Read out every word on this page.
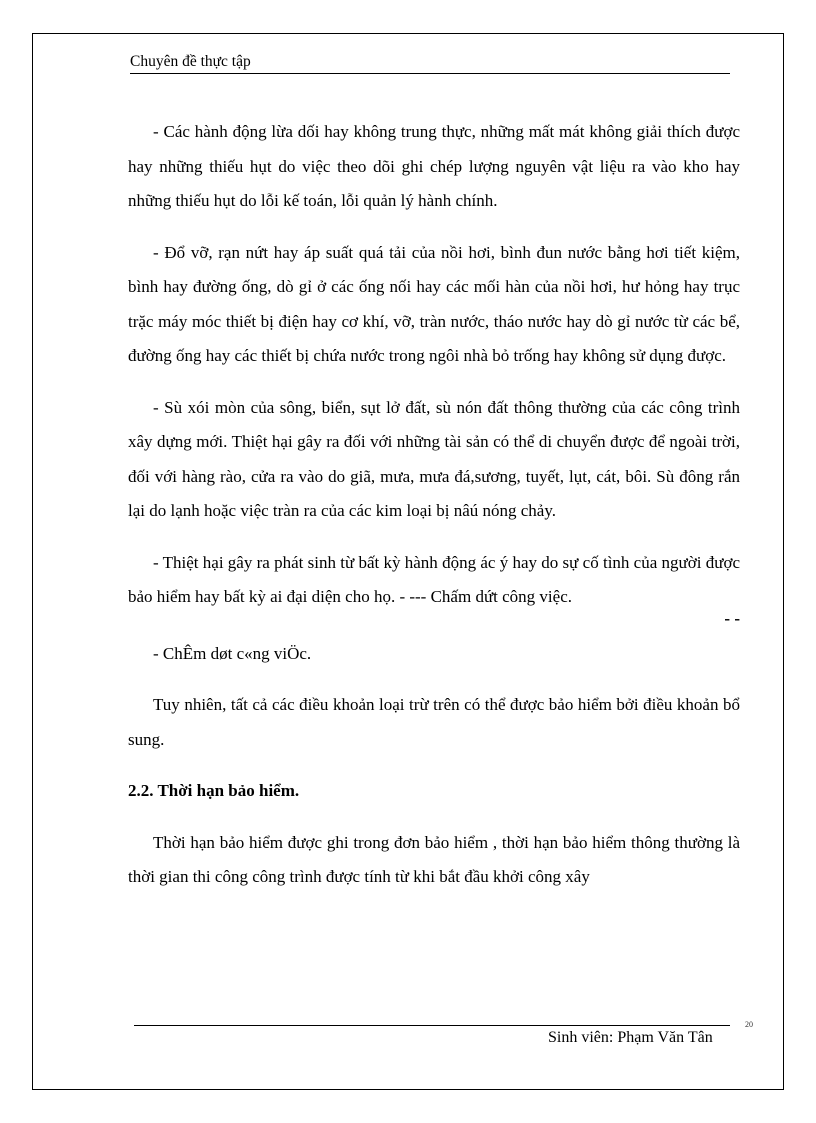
Chuyên đề thực tập

- Các hành động lừa dối hay không trung thực, những mất mát không giải thích được hay những thiếu hụt do việc theo dõi ghi chép lượng nguyên vật liệu ra vào kho hay những thiếu hụt do lỗi kế toán, lỗi quản lý hành chính.

- Đổ vỡ, rạn nứt hay áp suất quá tải của nồi hơi, bình đun nước bằng hơi tiết kiệm, bình hay đường ống, dò gỉ ở các ống nối hay các mối hàn của nồi hơi, hư hỏng hay trục trặc máy móc thiết bị điện hay cơ khí, vỡ, tràn nước, tháo nước hay dò gỉ nước từ các bể, đường ống hay các thiết bị chứa nước trong ngôi nhà bỏ trống hay không sử dụng được.

- Sù xói mòn của sông, biển, sụt lở đất, sù nón đất thông thường của các công trình xây dựng mới. Thiệt hại gây ra đối với những tài sản có thể di chuyển được để ngoài trời, đối với hàng rào, cửa ra vào do giã, mưa, mưa đá,sương, tuyết, lụt, cát, bôi. Sù đông rắn lại do lạnh hoặc việc tràn ra của các kim loại bị nâú nóng chảy.

- Thiệt hại gây ra phát sinh từ bất kỳ hành động ác ý hay do sự cố tình của người được bảo hiểm hay bất kỳ ai đại diện cho họ. - --- Chấm dứt công việc.

- -

- ChÊm døt c«ng viÖc.

Tuy nhiên, tất cả các điều khoản loại trừ trên có thể được bảo hiểm bởi điều khoản bổ sung.

2.2. Thời hạn bảo hiểm.

Thời hạn bảo hiểm được ghi trong đơn bảo hiểm , thời hạn bảo hiểm thông thường là thời gian thi công công trình được tính từ khi bắt đầu khởi công xây

20
Sinh viên: Phạm Văn Tân
